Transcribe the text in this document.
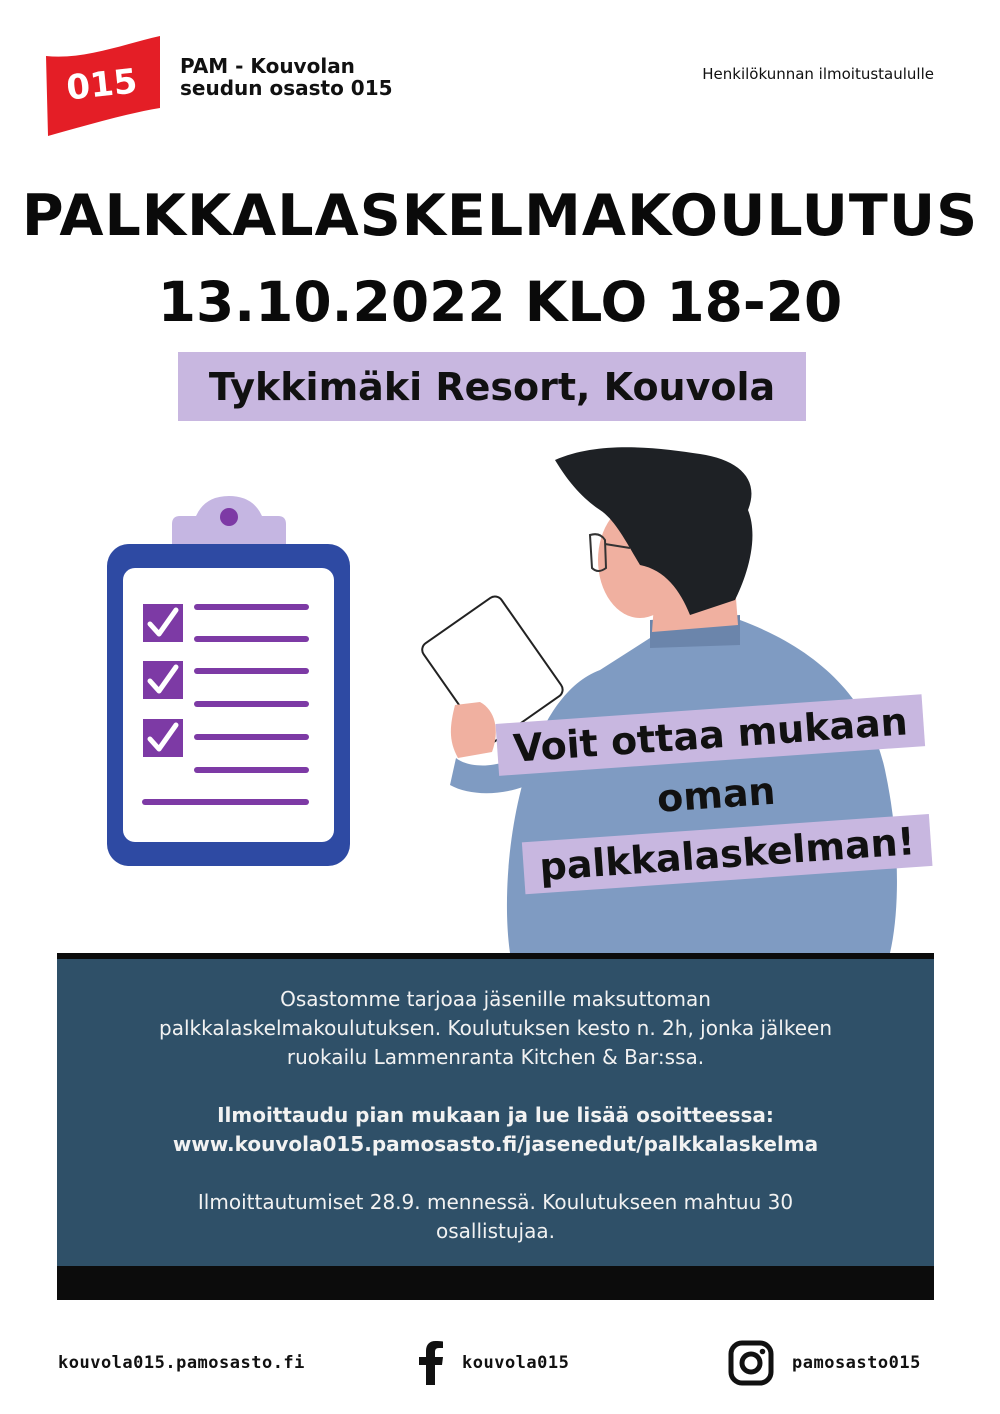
015 PAM - Kouvolan
seudun osasto 015
Henkilökunnan ilmoitustaululle
PALKKALASKELMAKOULUTUS
13.10.2022 KLO 18-20
Tykkimäki Resort, Kouvola
Voit ottaa mukaan
oman
palkkalaskelman!

Osastomme tarjoaa jäsenille maksuttoman
palkkalaskelmakoulutuksen. Koulutuksen kesto n. 2h, jonka jälkeen
ruokailu Lammenranta Kitchen & Bar:ssa.

Ilmoittaudu pian mukaan ja lue lisää osoitteessa:
www.kouvola015.pamosasto.fi/jasenedut/palkkalaskelma

Ilmoittautumiset 28.9. mennessä. Koulutukseen mahtuu 30
osallistujaa.

kouvola015.pamosasto.fi	kouvola015	pamosasto015
